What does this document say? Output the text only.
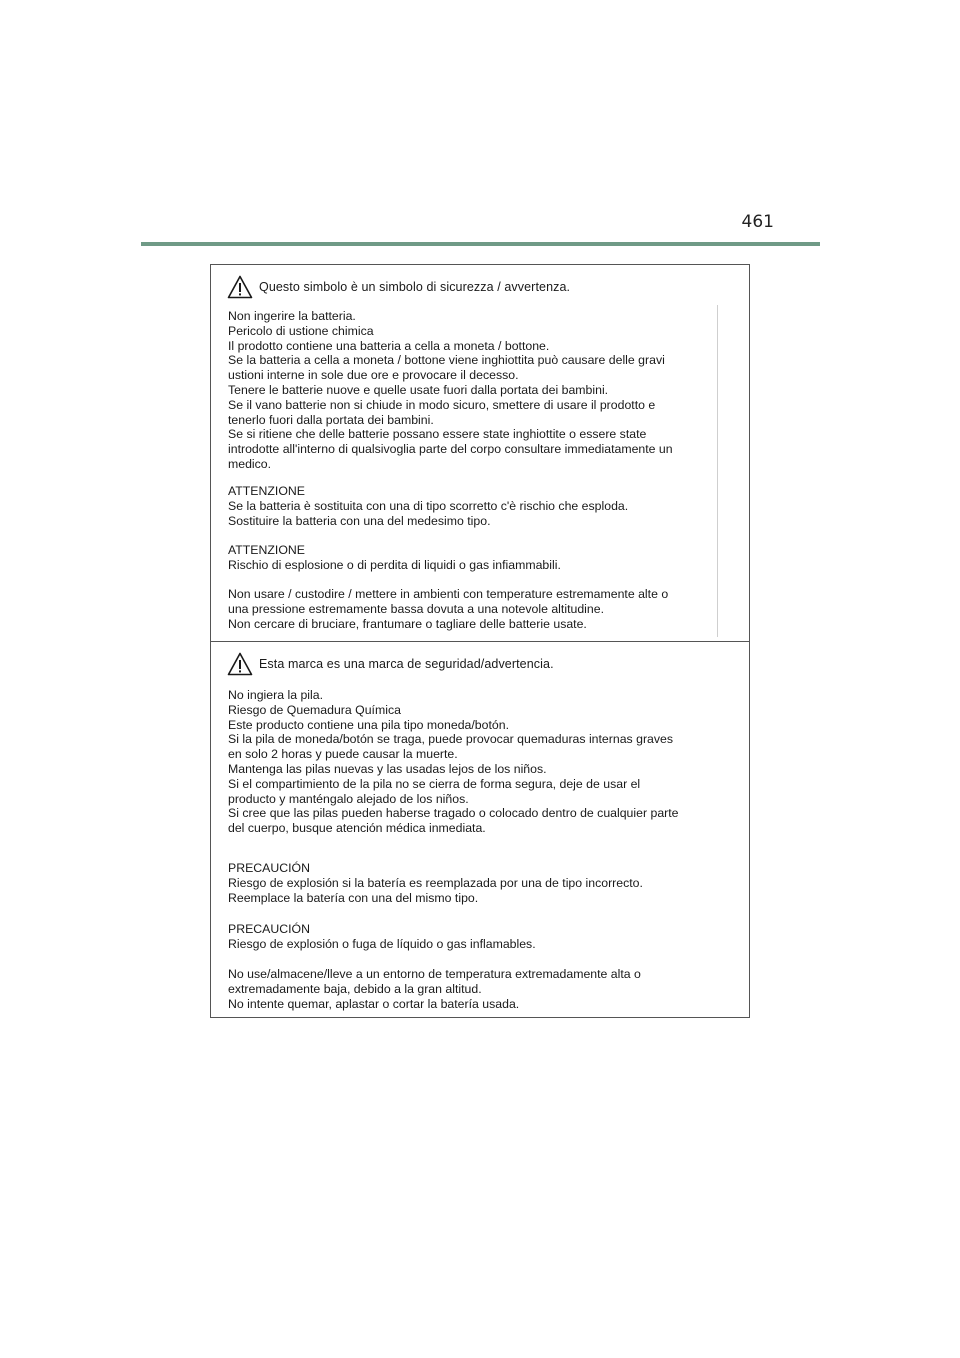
461
Questo simbolo è un simbolo di sicurezza / avvertenza.

Non ingerire la batteria.
Pericolo di ustione chimica
Il prodotto contiene una batteria a cella a moneta / bottone.
Se la batteria a cella a moneta / bottone viene inghiottita può causare delle gravi
ustioni interne in sole due ore e provocare il decesso.
Tenere le batterie nuove e quelle usate fuori dalla portata dei bambini.
Se il vano batterie non si chiude in modo sicuro, smettere di usare il prodotto e
tenerlo fuori dalla portata dei bambini.
Se si ritiene che delle batterie possano essere state inghiottite o essere state
introdotte all'interno di qualsivoglia parte del corpo consultare immediatamente un
medico.

ATTENZIONE
Se la batteria è sostituita con una di tipo scorretto c'è rischio che esploda.
Sostituire la batteria con una del medesimo tipo.

ATTENZIONE
Rischio di esplosione o di perdita di liquidi o gas infiammabili.

Non usare / custodire / mettere in ambienti con temperature estremamente alte o
una pressione estremamente bassa dovuta a una notevole altitudine.
Non cercare di bruciare, frantumare o tagliare delle batterie usate.

Esta marca es una marca de seguridad/advertencia.

No ingiera la pila.
Riesgo de Quemadura Química
Este producto contiene una pila tipo moneda/botón.
Si la pila de moneda/botón se traga, puede provocar quemaduras internas graves
en solo 2 horas y puede causar la muerte.
Mantenga las pilas nuevas y las usadas lejos de los niños.
Si el compartimiento de la pila no se cierra de forma segura, deje de usar el
producto y manténgalo alejado de los niños.
Si cree que las pilas pueden haberse tragado o colocado dentro de cualquier parte
del cuerpo, busque atención médica inmediata.

PRECAUCIÓN
Riesgo de explosión si la batería es reemplazada por una de tipo incorrecto.
Reemplace la batería con una del mismo tipo.

PRECAUCIÓN
Riesgo de explosión o fuga de líquido o gas inflamables.

No use/almacene/lleve a un entorno de temperatura extremadamente alta o
extremadamente baja, debido a la gran altitud.
No intente quemar, aplastar o cortar la batería usada.
